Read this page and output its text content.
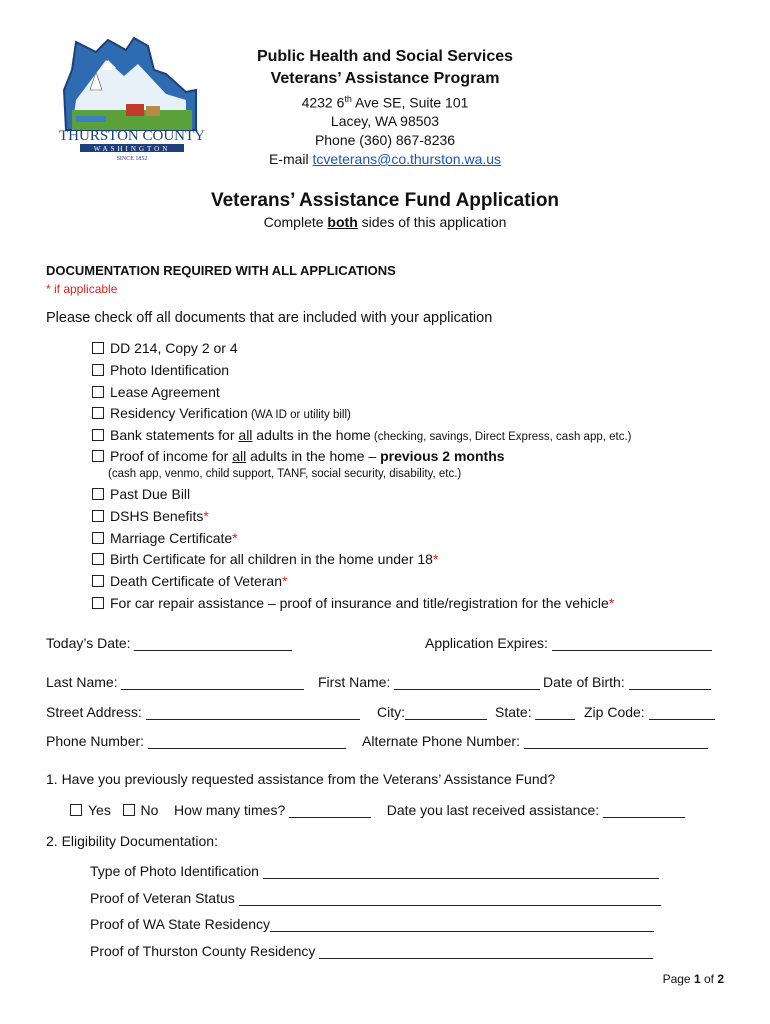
THURSTON COUNTY
WASHINGTON
SINCE 1852
Public Health and Social Services
Veterans’ Assistance Program
4232 6th Ave SE, Suite 101
Lacey, WA 98503
Phone (360) 867-8236
E-mail tcveterans@co.thurston.wa.us
Veterans’ Assistance Fund Application
Complete both sides of this application
DOCUMENTATION REQUIRED WITH ALL APPLICATIONS
* if applicable
Please check off all documents that are included with your application
DD 214, Copy 2 or 4
Photo Identification
Lease Agreement
Residency Verification (WA ID or utility bill)
Bank statements for all adults in the home (checking, savings, Direct Express, cash app, etc.)
Proof of income for all adults in the home – previous 2 months
(cash app, venmo, child support, TANF, social security, disability, etc.)
Past Due Bill
DSHS Benefits*
Marriage Certificate*
Birth Certificate for all children in the home under 18*
Death Certificate of Veteran*
For car repair assistance – proof of insurance and title/registration for the vehicle*
Today’s Date:	Application Expires:
Last Name:	First Name:	Date of Birth:
Street Address:	City:	State:	Zip Code:
Phone Number:	Alternate Phone Number:
1. Have you previously requested assistance from the Veterans’ Assistance Fund?
Yes No How many times?	Date you last received assistance:
2. Eligibility Documentation:
Type of Photo Identification
Proof of Veteran Status
Proof of WA State Residency
Proof of Thurston County Residency
Page 1 of 2
